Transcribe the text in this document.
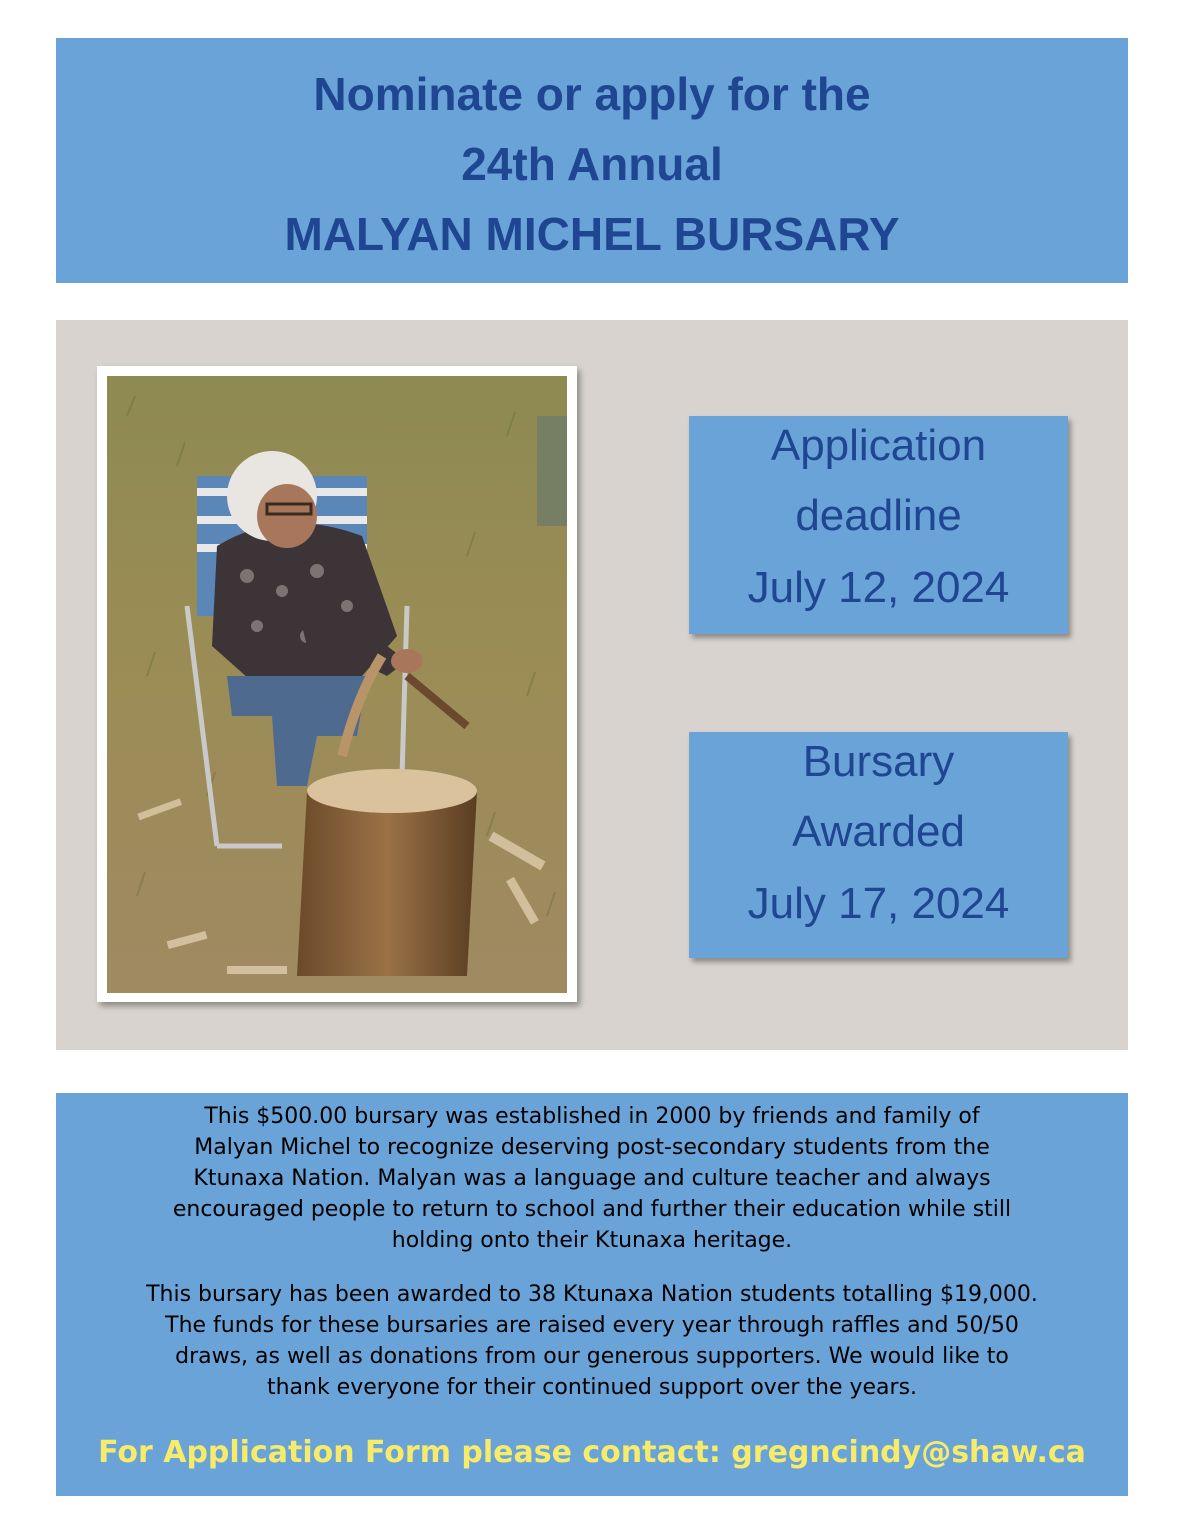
Nominate or apply for the
24th Annual
MALYAN MICHEL BURSARY
Application
deadline
July 12, 2024
Bursary
Awarded
July 17, 2024
This $500.00 bursary was established in 2000 by friends and family of
Malyan Michel to recognize deserving post-secondary students from the
Ktunaxa Nation. Malyan was a language and culture teacher and always
encouraged people to return to school and further their education while still
holding onto their Ktunaxa heritage.
This bursary has been awarded to 38 Ktunaxa Nation students totalling $19,000.
The funds for these bursaries are raised every year through raffles and 50/50
draws, as well as donations from our generous supporters. We would like to
thank everyone for their continued support over the years.
For Application Form please contact: gregncindy@shaw.ca
